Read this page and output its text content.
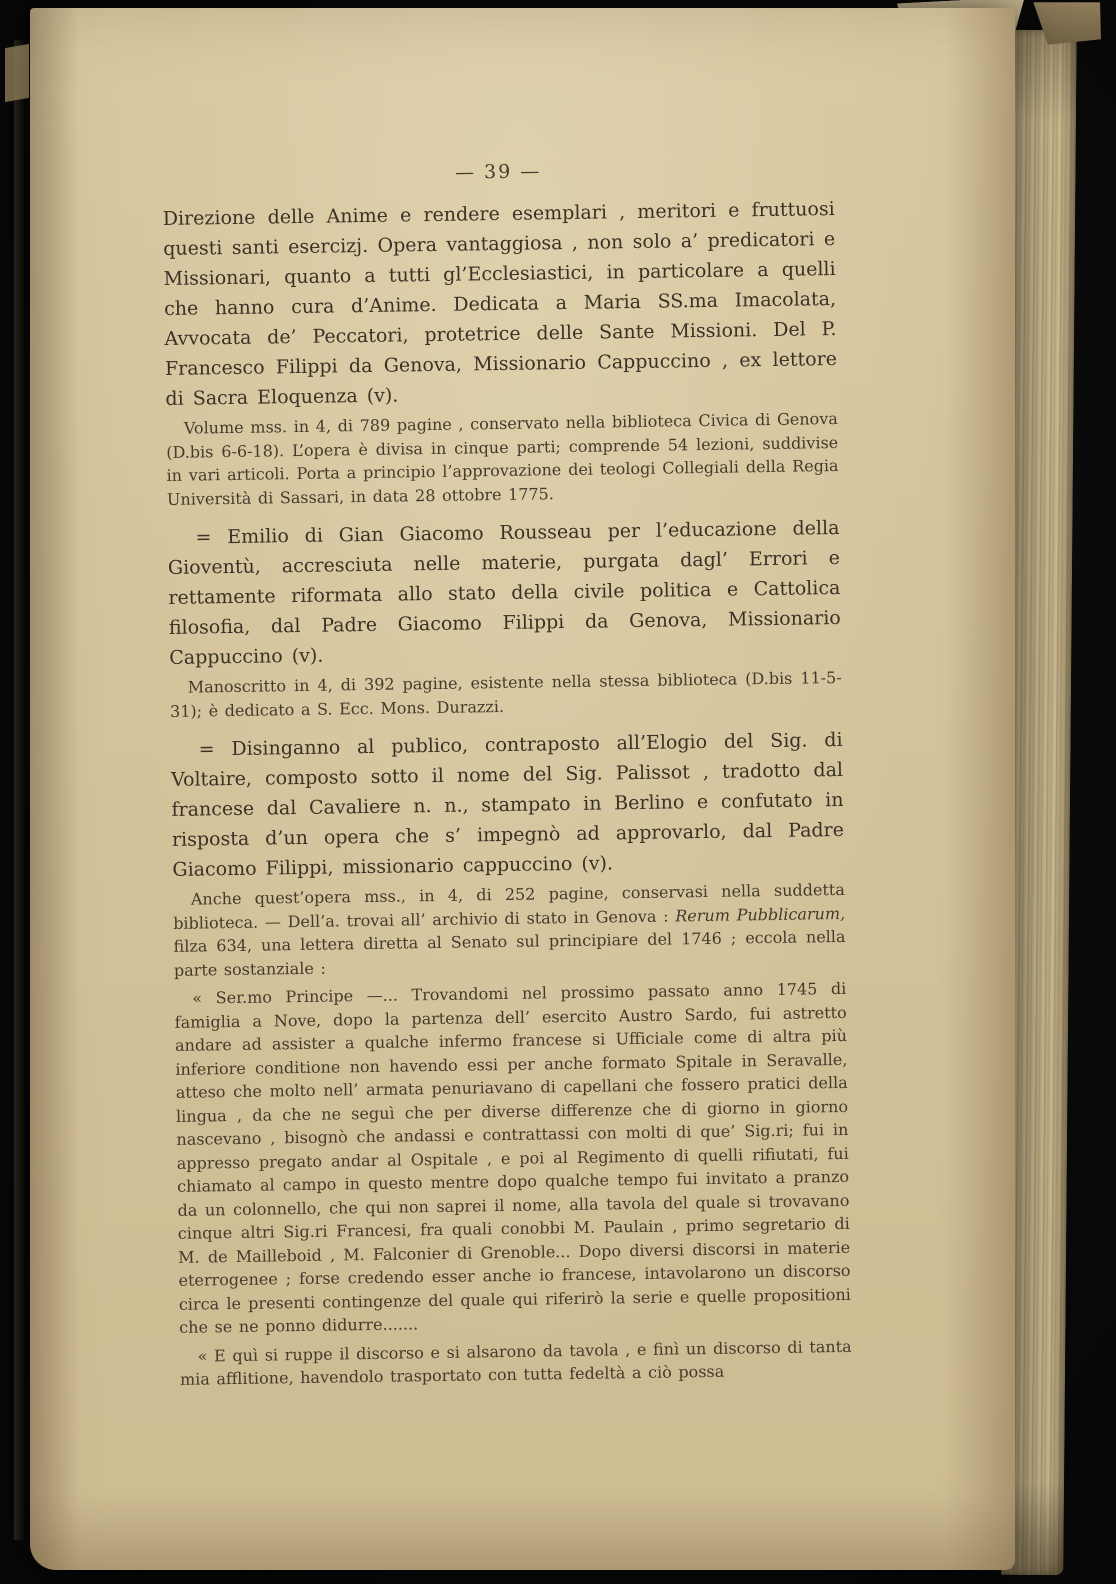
— 39 —

Direzione delle Anime e rendere esemplari , meritori e fruttuosi questi santi esercizj. Opera vantaggiosa , non solo a’ predicatori e Missionari, quanto a tutti gl’Ecclesiastici, in particolare a quelli che hanno cura d’Anime. Dedicata a Maria SS.ma Imacolata, Avvocata de’ Peccatori, protetrice delle Sante Missioni. Del P. Francesco Filippi da Genova, Missionario Cappuccino , ex lettore di Sacra Eloquenza (v).

Volume mss. in 4, di 789 pagine , conservato nella biblioteca Civica di Genova (D.bis 6-6-18). L’opera è divisa in cinque parti; comprende 54 lezioni, suddivise in vari articoli. Porta a principio l’approvazione dei teologi Collegiali della Regia Università di Sassari, in data 28 ottobre 1775.

= Emilio di Gian Giacomo Rousseau per l’educazione della Gioventù, accresciuta nelle materie, purgata dagl’ Errori e rettamente riformata allo stato della civile politica e Cattolica filosofia, dal Padre Giacomo Filippi da Genova, Missionario Cappuccino (v).

Manoscritto in 4, di 392 pagine, esistente nella stessa biblioteca (D.bis 11-5-31); è dedicato a S. Ecc. Mons. Durazzi.

= Disinganno al publico, contraposto all’Elogio del Sig. di Voltaire, composto sotto il nome del Sig. Palissot , tradotto dal francese dal Cavaliere n. n., stampato in Berlino e confutato in risposta d’un opera che s’ impegnò ad approvarlo, dal Padre Giacomo Filippi, missionario cappuccino (v).

Anche quest’opera mss., in 4, di 252 pagine, conservasi nella suddetta biblioteca. — Dell’a. trovai all’ archivio di stato in Genova : Rerum Pubblicarum, filza 634, una lettera diretta al Senato sul principiare del 1746 ; eccola nella parte sostanziale :

« Ser.mo Principe —... Trovandomi nel prossimo passato anno 1745 di famiglia a Nove, dopo la partenza dell’ esercito Austro Sardo, fui astretto andare ad assister a qualche infermo francese si Ufficiale come di altra più inferiore conditione non havendo essi per anche formato Spitale in Seravalle, atteso che molto nell’ armata penuriavano di capellani che fossero pratici della lingua , da che ne seguì che per diverse differenze che di giorno in giorno nascevano , bisognò che andassi e contrattassi con molti di que’ Sig.ri; fui in appresso pregato andar al Ospitale , e poi al Regimento di quelli rifiutati, fui chiamato al campo in questo mentre dopo qualche tempo fui invitato a pranzo da un colonnello, che qui non saprei il nome, alla tavola del quale si trovavano cinque altri Sig.ri Francesi, fra quali conobbi M. Paulain , primo segretario di M. de Mailleboid , M. Falconier di Grenoble... Dopo diversi discorsi in materie eterrogenee ; forse credendo esser anche io francese, intavolarono un discorso circa le presenti contingenze del quale qui riferirò la serie e quelle propositioni che se ne ponno didurre.......

« E quì si ruppe il discorso e si alsarono da tavola , e finì un discorso di tanta mia afflitione, havendolo trasportato con tutta fedeltà a ciò possa
